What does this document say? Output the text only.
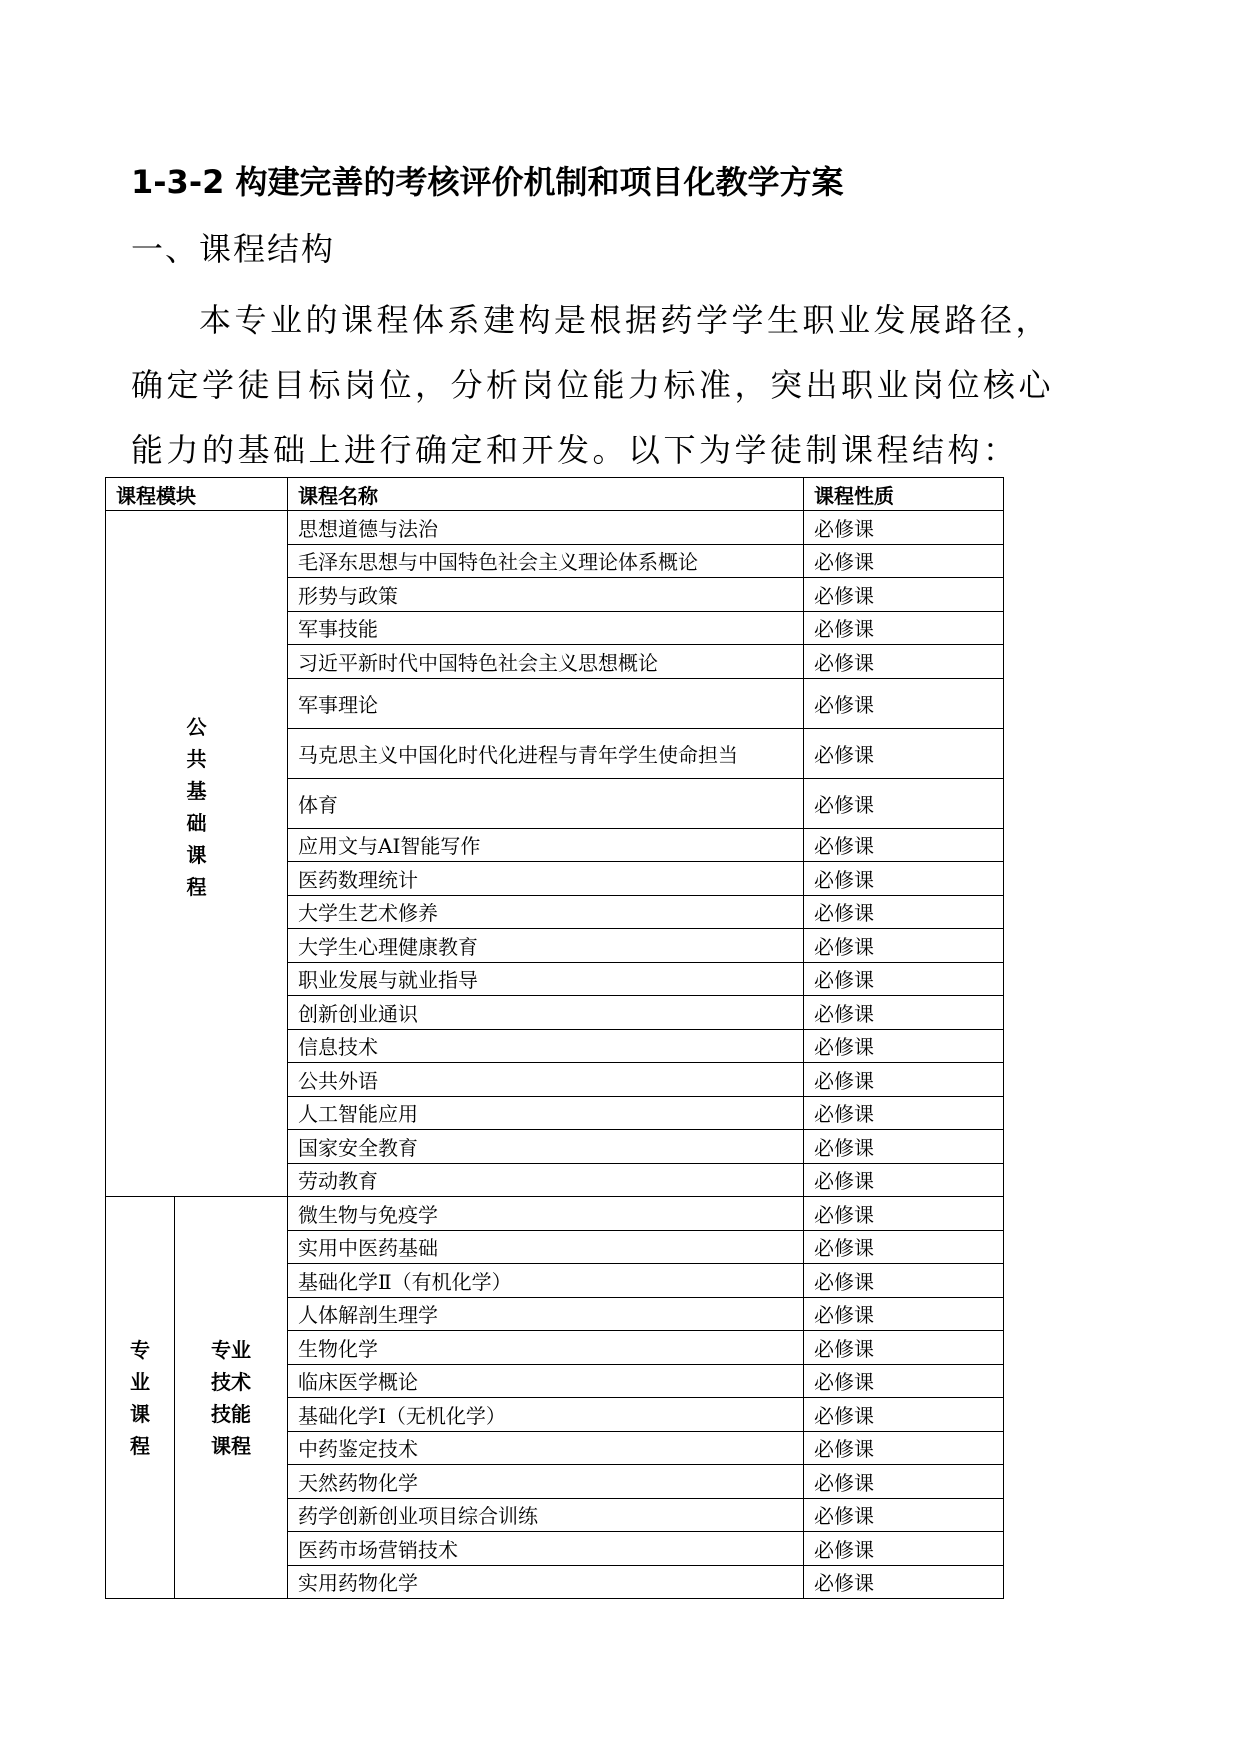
1-3-2 构建完善的考核评价机制和项目化教学方案
一、课程结构
本专业的课程体系建构是根据药学学生职业发展路径，确定学徒目标岗位，分析岗位能力标准，突出职业岗位核心能力的基础上进行确定和开发。以下为学徒制课程结构：
课程模块		课程名称	课程性质
公共基础课程		思想道德与法治	必修课
		毛泽东思想与中国特色社会主义理论体系概论	必修课
		形势与政策	必修课
		军事技能	必修课
		习近平新时代中国特色社会主义思想概论	必修课
		军事理论	必修课
		马克思主义中国化时代化进程与青年学生使命担当	必修课
		体育	必修课
		应用文与AI智能写作	必修课
		医药数理统计	必修课
		大学生艺术修养	必修课
		大学生心理健康教育	必修课
		职业发展与就业指导	必修课
		创新创业通识	必修课
		信息技术	必修课
		公共外语	必修课
		人工智能应用	必修课
		国家安全教育	必修课
		劳动教育	必修课
专业课程	专业技术技能课程	微生物与免疫学	必修课
		实用中医药基础	必修课
		基础化学Ⅱ（有机化学）	必修课
		人体解剖生理学	必修课
		生物化学	必修课
		临床医学概论	必修课
		基础化学Ⅰ（无机化学）	必修课
		中药鉴定技术	必修课
		天然药物化学	必修课
		药学创新创业项目综合训练	必修课
		医药市场营销技术	必修课
		实用药物化学	必修课
